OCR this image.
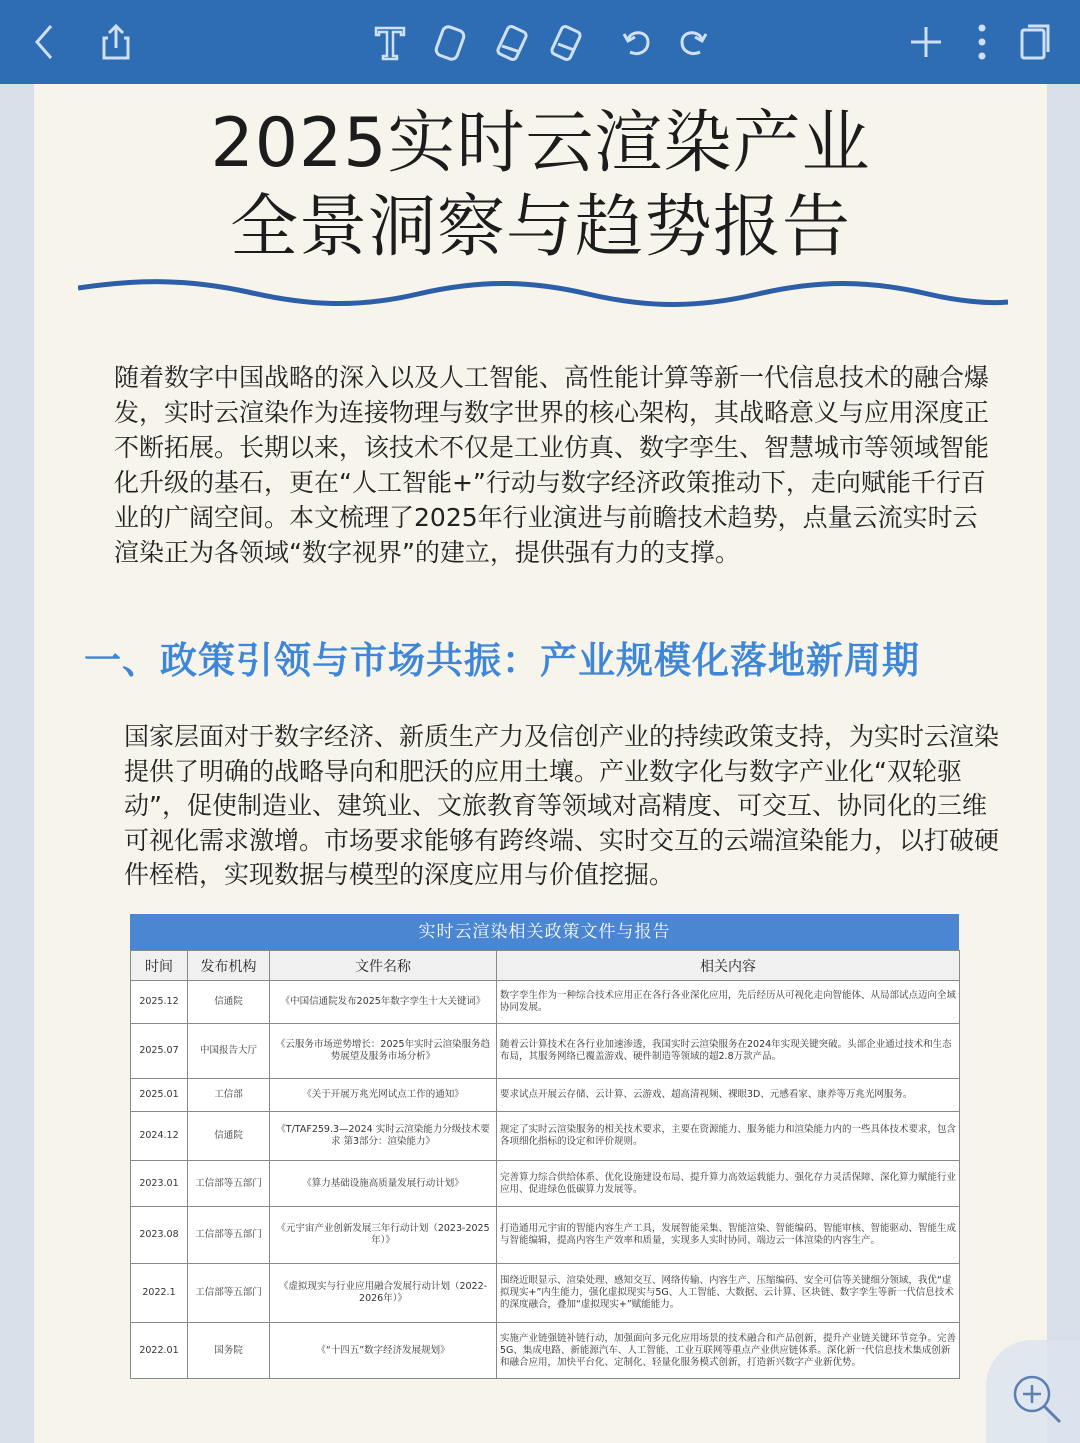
2025实时云渲染产业
全景洞察与趋势报告

随着数字中国战略的深入以及人工智能、高性能计算等新一代信息技术的融合爆发，实时云渲染作为连接物理与数字世界的核心架构，其战略意义与应用深度正不断拓展。长期以来，该技术不仅是工业仿真、数字孪生、智慧城市等领域智能化升级的基石，更在“人工智能+”行动与数字经济政策推动下，走向赋能千行百业的广阔空间。本文梳理了2025年行业演进与前瞻技术趋势，点量云流实时云渲染正为各领域“数字视界”的建立，提供强有力的支撑。

一、政策引领与市场共振：产业规模化落地新周期

国家层面对于数字经济、新质生产力及信创产业的持续政策支持，为实时云渲染提供了明确的战略导向和肥沃的应用土壤。产业数字化与数字产业化“双轮驱动”，促使制造业、建筑业、文旅教育等领域对高精度、可交互、协同化的三维可视化需求激增。市场要求能够有跨终端、实时交互的云端渲染能力，以打破硬件桎梏，实现数据与模型的深度应用与价值挖掘。

实时云渲染相关政策文件与报告
时间	发布机构	文件名称	相关内容
2025.12	信通院	《中国信通院发布2025年数字孪生十大关键词》	数字孪生作为一种综合技术应用正在各行各业深化应用，先后经历从可视化走向智能体、从局部试点迈向全域协同发展。
2025.07	中国报告大厅	《云服务市场逆势增长：2025年实时云渲染服务趋势展望及服务市场分析》	随着云计算技术在各行业加速渗透，我国实时云渲染服务在2024年实现关键突破。头部企业通过技术和生态布局，其服务网络已覆盖游戏、硬件制造等领域的超2.8万款产品。
2025.01	工信部	《关于开展万兆光网试点工作的通知》	要求试点开展云存储、云计算、云游戏、超高清视频、裸眼3D、元感看家、康养等万兆光网服务。
2024.12	信通院	《T/TAF259.3—2024 实时云渲染能力分级技术要求 第3部分：渲染能力》	规定了实时云渲染服务的相关技术要求，主要在资源能力、服务能力和渲染能力内的一些具体技术要求，包含各项细化指标的设定和评价规则。
2023.01	工信部等五部门	《算力基础设施高质量发展行动计划》	完善算力综合供给体系、优化设施建设布局、提升算力高效运载能力、强化存力灵活保障、深化算力赋能行业应用、促进绿色低碳算力发展等。
2023.08	工信部等五部门	《元宇宙产业创新发展三年行动计划（2023-2025年）》	打造通用元宇宙的智能内容生产工具，发展智能采集、智能渲染、智能编码、智能审核、智能驱动、智能生成与智能编辑，提高内容生产效率和质量，实现多人实时协同、端边云一体渲染的内容生产。
2022.1	工信部等五部门	《虚拟现实与行业应用融合发展行动计划（2022-2026年）》	围绕近眼显示、渲染处理、感知交互、网络传输、内容生产、压缩编码、安全可信等关键细分领域，我优“虚拟现实+”内生能力，强化虚拟现实与5G、人工智能、大数据、云计算、区块链、数字孪生等新一代信息技术的深度融合，叠加“虚拟现实+”赋能能力。
2022.01	国务院	《“十四五”数字经济发展规划》	实施产业链强链补链行动，加强面向多元化应用场景的技术融合和产品创新，提升产业链关键环节竞争。完善5G、集成电路、新能源汽车、人工智能、工业互联网等重点产业供应链体系。深化新一代信息技术集成创新和融合应用，加快平台化、定制化、轻量化服务模式创新，打造新兴数字产业新优势。
